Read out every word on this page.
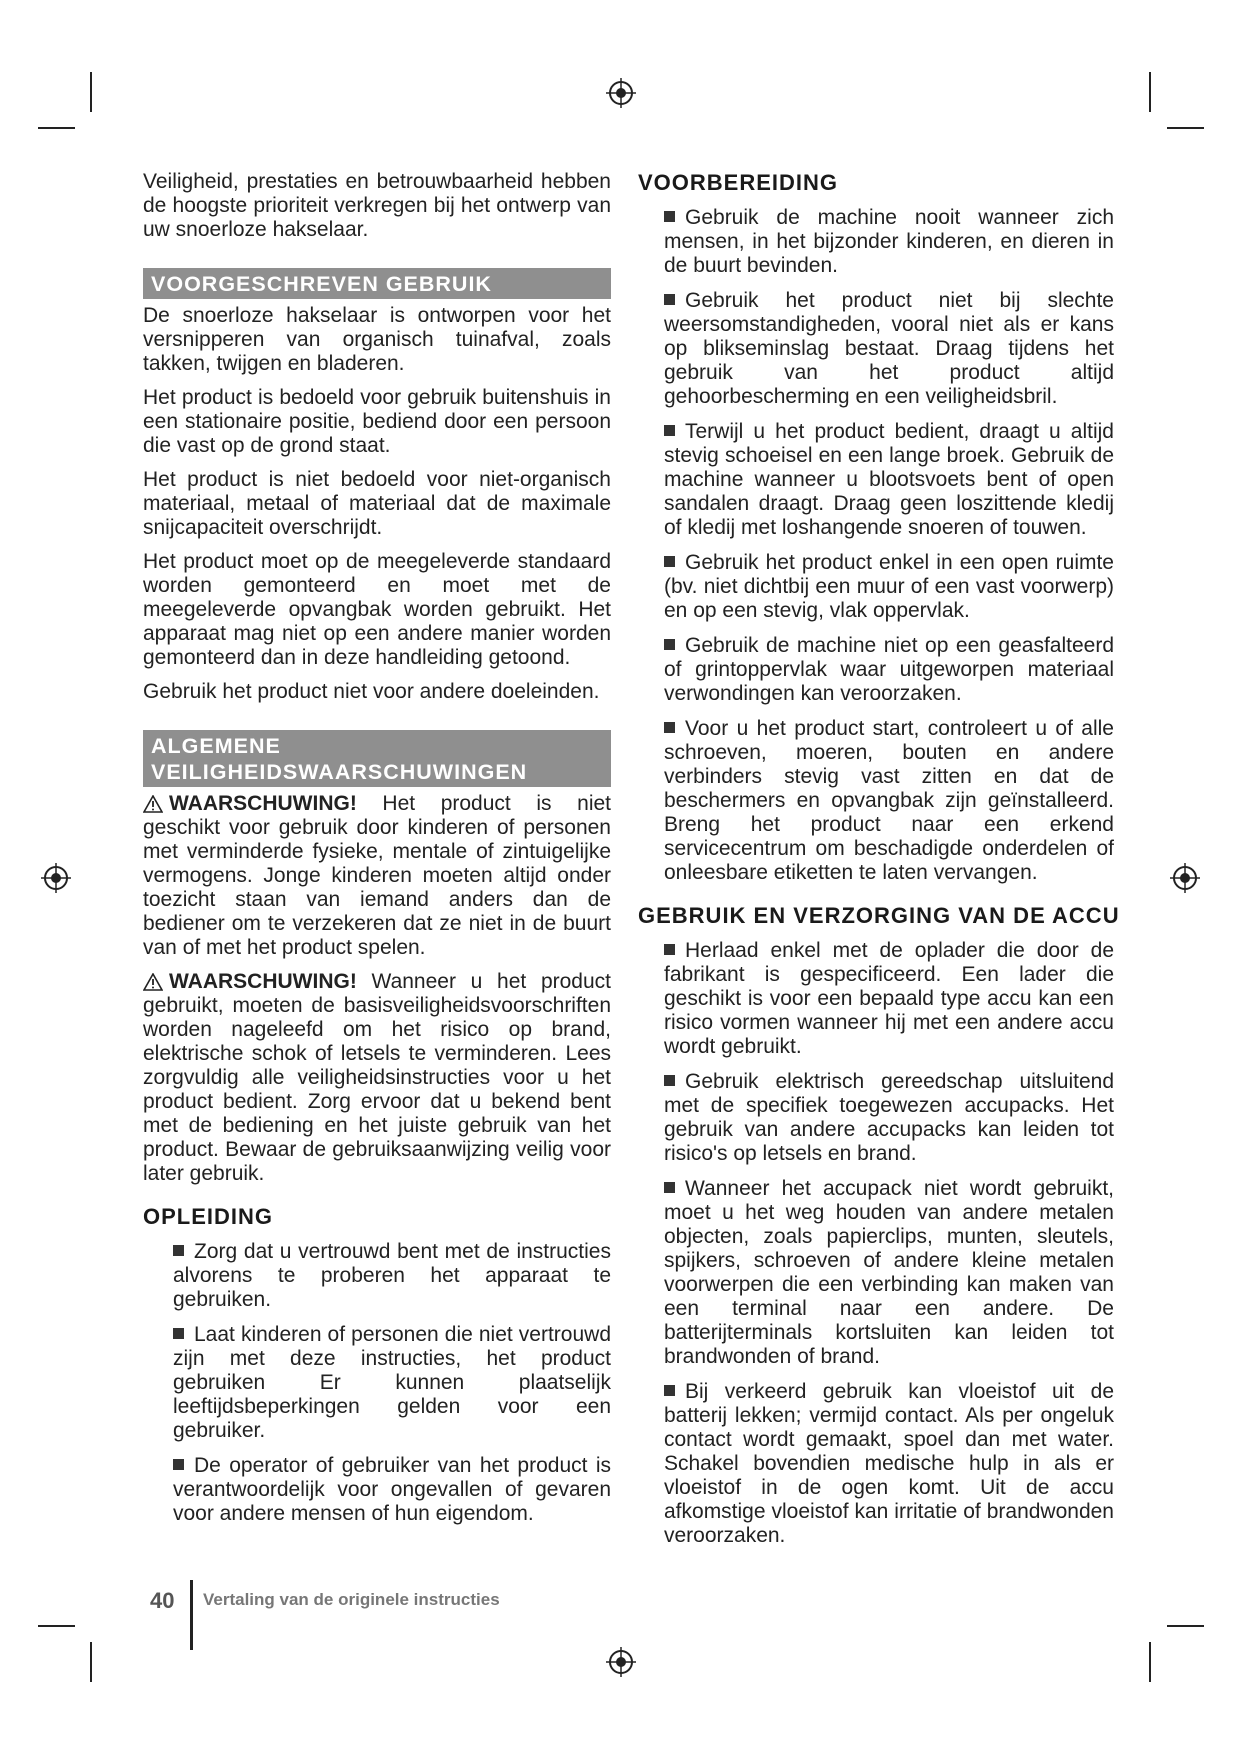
Veiligheid, prestaties en betrouwbaarheid hebben de hoogste prioriteit verkregen bij het ontwerp van uw snoerloze hakselaar.

VOORGESCHREVEN GEBRUIK

De snoerloze hakselaar is ontworpen voor het versnipperen van organisch tuinafval, zoals takken, twijgen en bladeren.

Het product is bedoeld voor gebruik buitenshuis in een stationaire positie, bediend door een persoon die vast op de grond staat.

Het product is niet bedoeld voor niet-organisch materiaal, metaal of materiaal dat de maximale snijcapaciteit overschrijdt.

Het product moet op de meegeleverde standaard worden gemonteerd en moet met de meegeleverde opvangbak worden gebruikt. Het apparaat mag niet op een andere manier worden gemonteerd dan in deze handleiding getoond.

Gebruik het product niet voor andere doeleinden.

ALGEMENE VEILIGHEIDSWAARSCHUWINGEN

WAARSCHUWING! Het product is niet geschikt voor gebruik door kinderen of personen met verminderde fysieke, mentale of zintuigelijke vermogens. Jonge kinderen moeten altijd onder toezicht staan van iemand anders dan de bediener om te verzekeren dat ze niet in de buurt van of met het product spelen.

WAARSCHUWING! Wanneer u het product gebruikt, moeten de basisveiligheidsvoorschriften worden nageleefd om het risico op brand, elektrische schok of letsels te verminderen. Lees zorgvuldig alle veiligheidsinstructies voor u het product bedient. Zorg ervoor dat u bekend bent met de bediening en het juiste gebruik van het product. Bewaar de gebruiksaanwijzing veilig voor later gebruik.

OPLEIDING

Zorg dat u vertrouwd bent met de instructies alvorens te proberen het apparaat te gebruiken.

Laat kinderen of personen die niet vertrouwd zijn met deze instructies, het product gebruiken Er kunnen plaatselijk leeftijdsbeperkingen gelden voor een gebruiker.

De operator of gebruiker van het product is verantwoordelijk voor ongevallen of gevaren voor andere mensen of hun eigendom.

VOORBEREIDING

Gebruik de machine nooit wanneer zich mensen, in het bijzonder kinderen, en dieren in de buurt bevinden.

Gebruik het product niet bij slechte weersomstandigheden, vooral niet als er kans op blikseminslag bestaat. Draag tijdens het gebruik van het product altijd gehoorbescherming en een veiligheidsbril.

Terwijl u het product bedient, draagt u altijd stevig schoeisel en een lange broek. Gebruik de machine wanneer u blootsvoets bent of open sandalen draagt. Draag geen loszittende kledij of kledij met loshangende snoeren of touwen.

Gebruik het product enkel in een open ruimte (bv. niet dichtbij een muur of een vast voorwerp) en op een stevig, vlak oppervlak.

Gebruik de machine niet op een geasfalteerd of grintoppervlak waar uitgeworpen materiaal verwondingen kan veroorzaken.

Voor u het product start, controleert u of alle schroeven, moeren, bouten en andere verbinders stevig vast zitten en dat de beschermers en opvangbak zijn geïnstalleerd. Breng het product naar een erkend servicecentrum om beschadigde onderdelen of onleesbare etiketten te laten vervangen.

GEBRUIK EN VERZORGING VAN DE ACCU

Herlaad enkel met de oplader die door de fabrikant is gespecificeerd. Een lader die geschikt is voor een bepaald type accu kan een risico vormen wanneer hij met een andere accu wordt gebruikt.

Gebruik elektrisch gereedschap uitsluitend met de specifiek toegewezen accupacks. Het gebruik van andere accupacks kan leiden tot risico's op letsels en brand.

Wanneer het accupack niet wordt gebruikt, moet u het weg houden van andere metalen objecten, zoals papierclips, munten, sleutels, spijkers, schroeven of andere kleine metalen voorwerpen die een verbinding kan maken van een terminal naar een andere. De batterijterminals kortsluiten kan leiden tot brandwonden of brand.

Bij verkeerd gebruik kan vloeistof uit de batterij lekken; vermijd contact. Als per ongeluk contact wordt gemaakt, spoel dan met water. Schakel bovendien medische hulp in als er vloeistof in de ogen komt. Uit de accu afkomstige vloeistof kan irritatie of brandwonden veroorzaken.

40 Vertaling van de originele instructies
